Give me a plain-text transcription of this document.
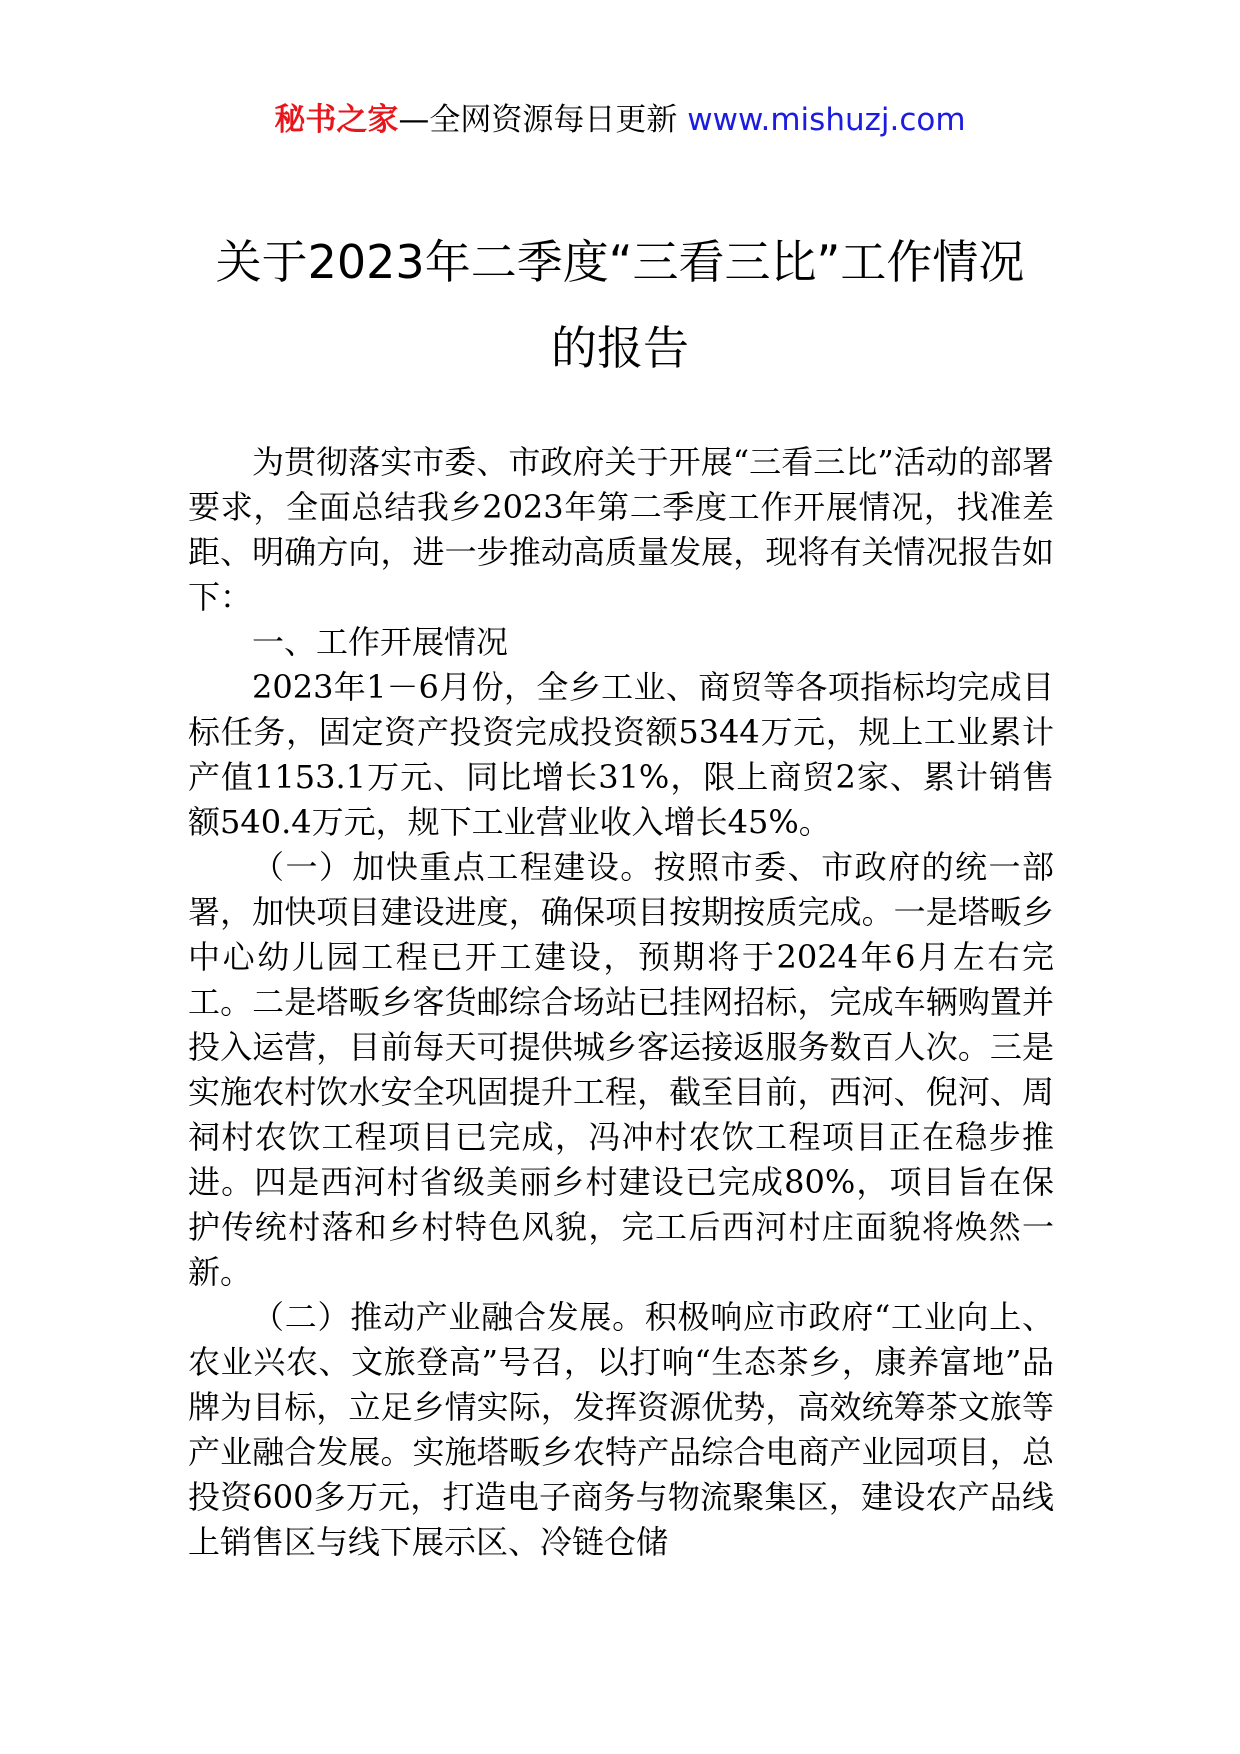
秘书之家—全网资源每日更新 www.mishuzj.com
关于2023年二季度“三看三比”工作情况
的报告

为贯彻落实市委、市政府关于开展“三看三比”活动的部署要求，全面总结我乡2023年第二季度工作开展情况，找准差距、明确方向，进一步推动高质量发展，现将有关情况报告如下：

一、工作开展情况

2023年1－6月份，全乡工业、商贸等各项指标均完成目标任务，固定资产投资完成投资额5344万元，规上工业累计产值1153.1万元、同比增长31%，限上商贸2家、累计销售额540.4万元，规下工业营业收入增长45%。

（一）加快重点工程建设。按照市委、市政府的统一部署，加快项目建设进度，确保项目按期按质完成。一是塔畈乡中心幼儿园工程已开工建设，预期将于2024年6月左右完工。二是塔畈乡客货邮综合场站已挂网招标，完成车辆购置并投入运营，目前每天可提供城乡客运接返服务数百人次。三是实施农村饮水安全巩固提升工程，截至目前，西河、倪河、周祠村农饮工程项目已完成，冯冲村农饮工程项目正在稳步推进。四是西河村省级美丽乡村建设已完成80%，项目旨在保护传统村落和乡村特色风貌，完工后西河村庄面貌将焕然一新。

（二）推动产业融合发展。积极响应市政府“工业向上、农业兴农、文旅登高”号召，以打响“生态茶乡，康养富地”品牌为目标，立足乡情实际，发挥资源优势，高效统筹茶文旅等产业融合发展。实施塔畈乡农特产品综合电商产业园项目，总投资600多万元，打造电子商务与物流聚集区，建设农产品线上销售区与线下展示区、冷链仓储
